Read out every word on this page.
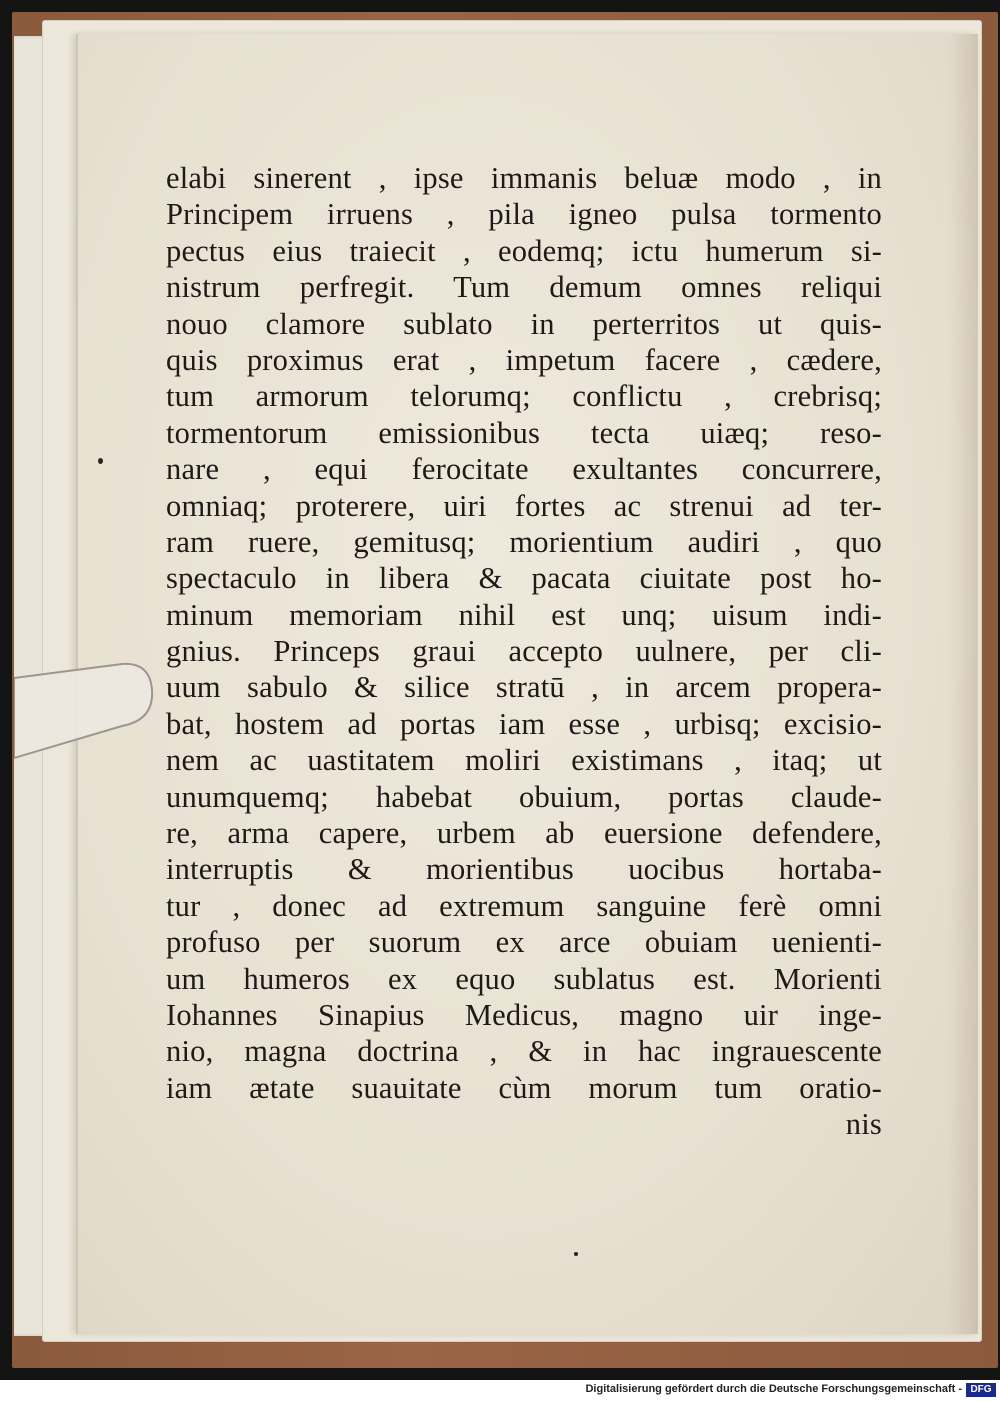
elabi sinerent , ipse immanis beluæ modo , in
Principem irruens , pila igneo pulsa tormento
pectus eius traiecit , eodemq; ictu humerum si-
nistrum perfregit. Tum demum omnes reliqui
nouo clamore sublato in perterritos ut quis-
quis proximus erat , impetum facere , cædere,
tum armorum telorumq; conflictu , crebrisq;
tormentorum emissionibus tecta uiæq; reso-
nare , equi ferocitate exultantes concurrere,
omniaq; proterere, uiri fortes ac strenui ad ter-
ram ruere, gemitusq; morientium audiri , quo
spectaculo in libera & pacata ciuitate post ho-
minum memoriam nihil est unq; uisum indi-
gnius. Princeps graui accepto uulnere, per cli-
uum sabulo & silice stratū , in arcem propera-
bat, hostem ad portas iam esse , urbisq; excisio-
nem ac uastitatem moliri existimans , itaq; ut
unumquemq; habebat obuium, portas claude-
re, arma capere, urbem ab euersione defendere,
interruptis & morientibus uocibus hortaba-
tur , donec ad extremum sanguine ferè omni
profuso per suorum ex arce obuiam uenienti-
um humeros ex equo sublatus est. Morienti
Iohannes Sinapius Medicus, magno uir inge-
nio, magna doctrina , & in hac ingrauescente
iam ætate suauitate cùm morum tum oratio-
nis
Digitalisierung gefördert durch die Deutsche Forschungsgemeinschaft - DFG
